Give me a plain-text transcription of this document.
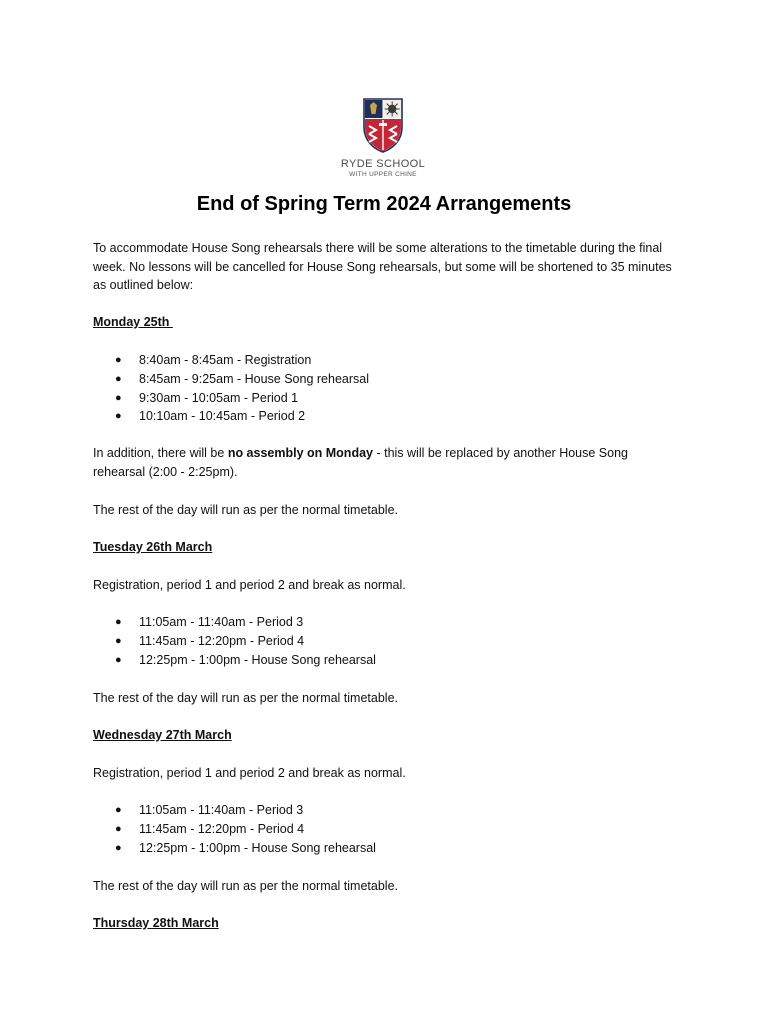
RYDE SCHOOL
WITH UPPER CHINE
End of Spring Term 2024 Arrangements
To accommodate House Song rehearsals there will be some alterations to the timetable during the final week. No lessons will be cancelled for House Song rehearsals, but some will be shortened to 35 minutes as outlined below:
Monday 25th
● 8:40am - 8:45am - Registration
● 8:45am - 9:25am - House Song rehearsal
● 9:30am - 10:05am - Period 1
● 10:10am - 10:45am - Period 2
In addition, there will be no assembly on Monday - this will be replaced by another House Song rehearsal (2:00 - 2:25pm).
The rest of the day will run as per the normal timetable.
Tuesday 26th March
Registration, period 1 and period 2 and break as normal.
● 11:05am - 11:40am - Period 3
● 11:45am - 12:20pm - Period 4
● 12:25pm - 1:00pm - House Song rehearsal
The rest of the day will run as per the normal timetable.
Wednesday 27th March
Registration, period 1 and period 2 and break as normal.
● 11:05am - 11:40am - Period 3
● 11:45am - 12:20pm - Period 4
● 12:25pm - 1:00pm - House Song rehearsal
The rest of the day will run as per the normal timetable.
Thursday 28th March
